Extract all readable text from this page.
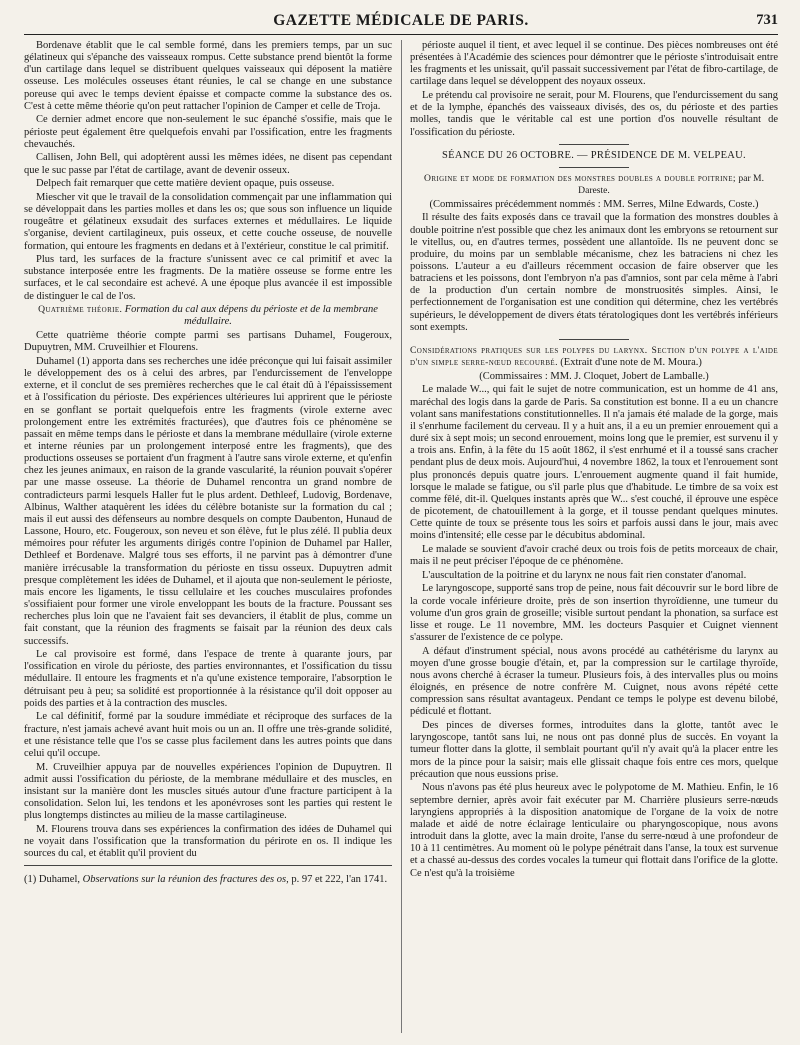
GAZETTE MÉDICALE DE PARIS.	731

Bordenave établit que le cal semble formé, dans les premiers temps, par un suc gélatineux qui s'épanche des vaisseaux rompus. Cette substance prend bientôt la forme d'un cartilage dans lequel se distribuent quelques vaisseaux qui déposent la matière osseuse. Les molécules osseuses étant réunies, le cal se change en une substance poreuse qui avec le temps devient épaisse et compacte comme la substance des os. C'est à cette même théorie qu'on peut rattacher l'opinion de Camper et celle de Troja.

Ce dernier admet encore que non-seulement le suc épanché s'ossifie, mais que le périoste peut également être quelquefois envahi par l'ossification, entre les fragments chevauchés.

Callisen, John Bell, qui adoptèrent aussi les mêmes idées, ne disent pas cependant que le suc passe par l'état de cartilage, avant de devenir osseux.

Delpech fait remarquer que cette matière devient opaque, puis osseuse.

Miescher vit que le travail de la consolidation commençait par une inflammation qui se développait dans les parties molles et dans les os; que sous son influence un liquide rougeâtre et gélatineux exsudait des surfaces externes et médullaires. Le liquide s'organise, devient cartilagineux, puis osseux, et cette couche osseuse, de nouvelle formation, qui entoure les fragments en dedans et à l'extérieur, constitue le cal primitif.

Plus tard, les surfaces de la fracture s'unissent avec ce cal primitif et avec la substance interposée entre les fragments. De la matière osseuse se forme entre les surfaces, et le cal secondaire est achevé. A une époque plus avancée il est impossible de distinguer le cal de l'os.

Quatrième théorie. Formation du cal aux dépens du périoste et de la membrane médullaire.

Cette quatrième théorie compte parmi ses partisans Duhamel, Fougeroux, Dupuytren, MM. Cruveilhier et Flourens.

Duhamel (1) apporta dans ses recherches une idée préconçue qui lui faisait assimiler le développement des os à celui des arbres, par l'endurcissement de l'enveloppe externe, et il conclut de ses premières recherches que le cal était dû à l'épaississement et à l'ossification du périoste. Des expériences ultérieures lui apprirent que le périoste en se gonflant se portait quelquefois entre les fragments (virole externe avec prolongement entre les extrémités fracturées), que d'autres fois ce phénomène se passait en même temps dans le périoste et dans la membrane médullaire (virole externe et interne réunies par un prolongement interposé entre les fragments), que des productions osseuses se portaient d'un fragment à l'autre sans virole externe, et qu'enfin chez les jeunes animaux, en raison de la grande vascularité, la réunion pouvait s'opérer par une masse osseuse. La théorie de Duhamel rencontra un grand nombre de contradicteurs parmi lesquels Haller fut le plus ardent. Dethleef, Ludovig, Bordenave, Albinus, Walther ataquèrent les idées du célèbre botaniste sur la formation du cal ; mais il eut aussi des défenseurs au nombre desquels on compte Daubenton, Hunaud de Lassone, Houro, etc. Fougeroux, son neveu et son élève, fut le plus zélé. Il publia deux mémoires pour réfuter les arguments dirigés contre l'opinion de Duhamel par Haller, Dethleef et Bordenave. Malgré tous ses efforts, il ne parvint pas à démontrer d'une manière irrécusable la transformation du périoste en tissu osseux. Dupuytren admit presque complètement les idées de Duhamel, et il ajouta que non-seulement le périoste, mais encore les ligaments, le tissu cellulaire et les couches musculaires profondes s'ossifiaient pour former une virole enveloppant les bouts de la fracture. Poussant ses recherches plus loin que ne l'avaient fait ses devanciers, il établit de plus, comme un fait constant, que la réunion des fragments se faisait par la réunion des deux cals successifs.

Le cal provisoire est formé, dans l'espace de trente à quarante jours, par l'ossification en virole du périoste, des parties environnantes, et l'ossification du tissu médullaire. Il entoure les fragments et n'a qu'une existence temporaire, l'absorption le détruisant peu à peu; sa solidité est proportionnée à la résistance qu'il doit opposer au poids des parties et à la contraction des muscles.

Le cal définitif, formé par la soudure immédiate et réciproque des surfaces de la fracture, n'est jamais achevé avant huit mois ou un an. Il offre une très-grande solidité, et une résistance telle que l'os se casse plus facilement dans les autres points que dans celui qu'il occupe.

M. Cruveilhier appuya par de nouvelles expériences l'opinion de Dupuytren. Il admit aussi l'ossification du périoste, de la membrane médullaire et des muscles, en insistant sur la manière dont les muscles situés autour d'une fracture participent à la consolidation. Selon lui, les tendons et les aponévroses sont les parties qui restent le plus longtemps distinctes au milieu de la masse cartilagineuse.

M. Flourens trouva dans ses expériences la confirmation des idées de Duhamel qui ne voyait dans l'ossification que la transformation du périrote en os. Il indique les sources du cal, et établit qu'il provient du

(1) Duhamel, Observations sur la réunion des fractures des os, p. 97 et 222, l'an 1741.

périoste auquel il tient, et avec lequel il se continue. Des pièces nombreuses ont été présentées à l'Académie des sciences pour démontrer que le périoste s'introduisait entre les fragments et les unissait, qu'il passait successivement par l'état de fibro-cartilage, de cartilage dans lequel se développent des noyaux osseux.

Le prétendu cal provisoire ne serait, pour M. Flourens, que l'endurcissement du sang et de la lymphe, épanchés des vaisseaux divisés, des os, du périoste et des parties molles, tandis que le véritable cal est une portion d'os nouvelle résultant de l'ossification du périoste.

SÉANCE DU 26 OCTOBRE. — PRÉSIDENCE DE M. VELPEAU.

Origine et mode de formation des monstres doubles a double poitrine; par M. Dareste.

(Commissaires précédemment nommés : MM. Serres, Milne Edwards, Coste.)

Il résulte des faits exposés dans ce travail que la formation des monstres doubles à double poitrine n'est possible que chez les animaux dont les embryons se retournent sur le vitellus, ou, en d'autres termes, possèdent une allantoïde. Ils ne peuvent donc se produire, du moins par un semblable mécanisme, chez les batraciens ni chez les poissons. L'auteur a eu d'ailleurs récemment occasion de faire observer que les batraciens et les poissons, dont l'embryon n'a pas d'amnios, sont par cela même à l'abri de la production d'un certain nombre de monstruosités simples. Ainsi, le perfectionnement de l'organisation est une condition qui détermine, chez les vertébrés supérieurs, le développement de divers états tératologiques dont les vertébrés inférieurs sont exempts.

Considérations pratiques sur les polypes du larynx. Section d'un polype a l'aide d'un simple serre-nœud recourbé. (Extrait d'une note de M. Moura.)

(Commissaires : MM. J. Cloquet, Jobert de Lamballe.)

Le malade W..., qui fait le sujet de notre communication, est un homme de 41 ans, maréchal des logis dans la garde de Paris. Sa constitution est bonne. Il a eu un chancre volant sans manifestations constitutionnelles. Il n'a jamais été malade de la gorge, mais il s'enrhume facilement du cerveau. Il y a huit ans, il a eu un premier enrouement qui a duré six à sept mois; un second enrouement, moins long que le premier, est survenu il y a trois ans. Enfin, à la fête du 15 août 1862, il s'est enrhumé et il a toussé sans cracher pendant plus de deux mois. Aujourd'hui, 4 novembre 1862, la toux et l'enrouement sont plus prononcés depuis quatre jours. L'enrouement augmente quand il fait humide, lorsque le malade se fatigue, ou s'il parle plus que d'habitude. Le timbre de sa voix est comme fêlé, dit-il. Quelques instants après que W... s'est couché, il éprouve une espèce de picotement, de chatouillement à la gorge, et il tousse pendant quelques minutes. Cette quinte de toux se présente tous les soirs et parfois aussi dans le jour, mais avec moins d'intensité; elle cesse par le décubitus abdominal.

Le malade se souvient d'avoir craché deux ou trois fois de petits morceaux de chair, mais il ne peut préciser l'époque de ce phénomène.

L'auscultation de la poitrine et du larynx ne nous fait rien constater d'anomal.

Le laryngoscope, supporté sans trop de peine, nous fait découvrir sur le bord libre de la corde vocale inférieure droite, près de son insertion thyroïdienne, une tumeur du volume d'un gros grain de groseille; visible surtout pendant la phonation, sa surface est lisse et rouge. Le 11 novembre, MM. les docteurs Pasquier et Cuignet viennent s'assurer de l'existence de ce polype.

A défaut d'instrument spécial, nous avons procédé au cathétérisme du larynx au moyen d'une grosse bougie d'étain, et, par la compression sur le cartilage thyroïde, nous avons cherché à écraser la tumeur. Plusieurs fois, à des intervalles plus ou moins éloignés, en présence de notre confrère M. Cuignet, nous avons répété cette compression sans résultat avantageux. Pendant ce temps le polype est devenu bilobé, pédiculé et flottant.

Des pinces de diverses formes, introduites dans la glotte, tantôt avec le laryngoscope, tantôt sans lui, ne nous ont pas donné plus de succès. En voyant la tumeur flotter dans la glotte, il semblait pourtant qu'il n'y avait qu'à la placer entre les mors de la pince pour la saisir; mais elle glissait chaque fois entre ces mors, quelque précaution que nous eussions prise.

Nous n'avons pas été plus heureux avec le polypotome de M. Mathieu. Enfin, le 16 septembre dernier, après avoir fait exécuter par M. Charrière plusieurs serre-nœuds laryngiens appropriés à la disposition anatomique de l'organe de la voix de notre malade et aidé de notre éclairage lenticulaire ou pharyngoscopique, nous avons introduit dans la glotte, avec la main droite, l'anse du serre-nœud à une profondeur de 10 à 11 centimètres. Au moment où le polype pénétrait dans l'anse, la toux est survenue et a chassé au-dessus des cordes vocales la tumeur qui flottait dans l'orifice de la glotte. Ce n'est qu'à la troisième
